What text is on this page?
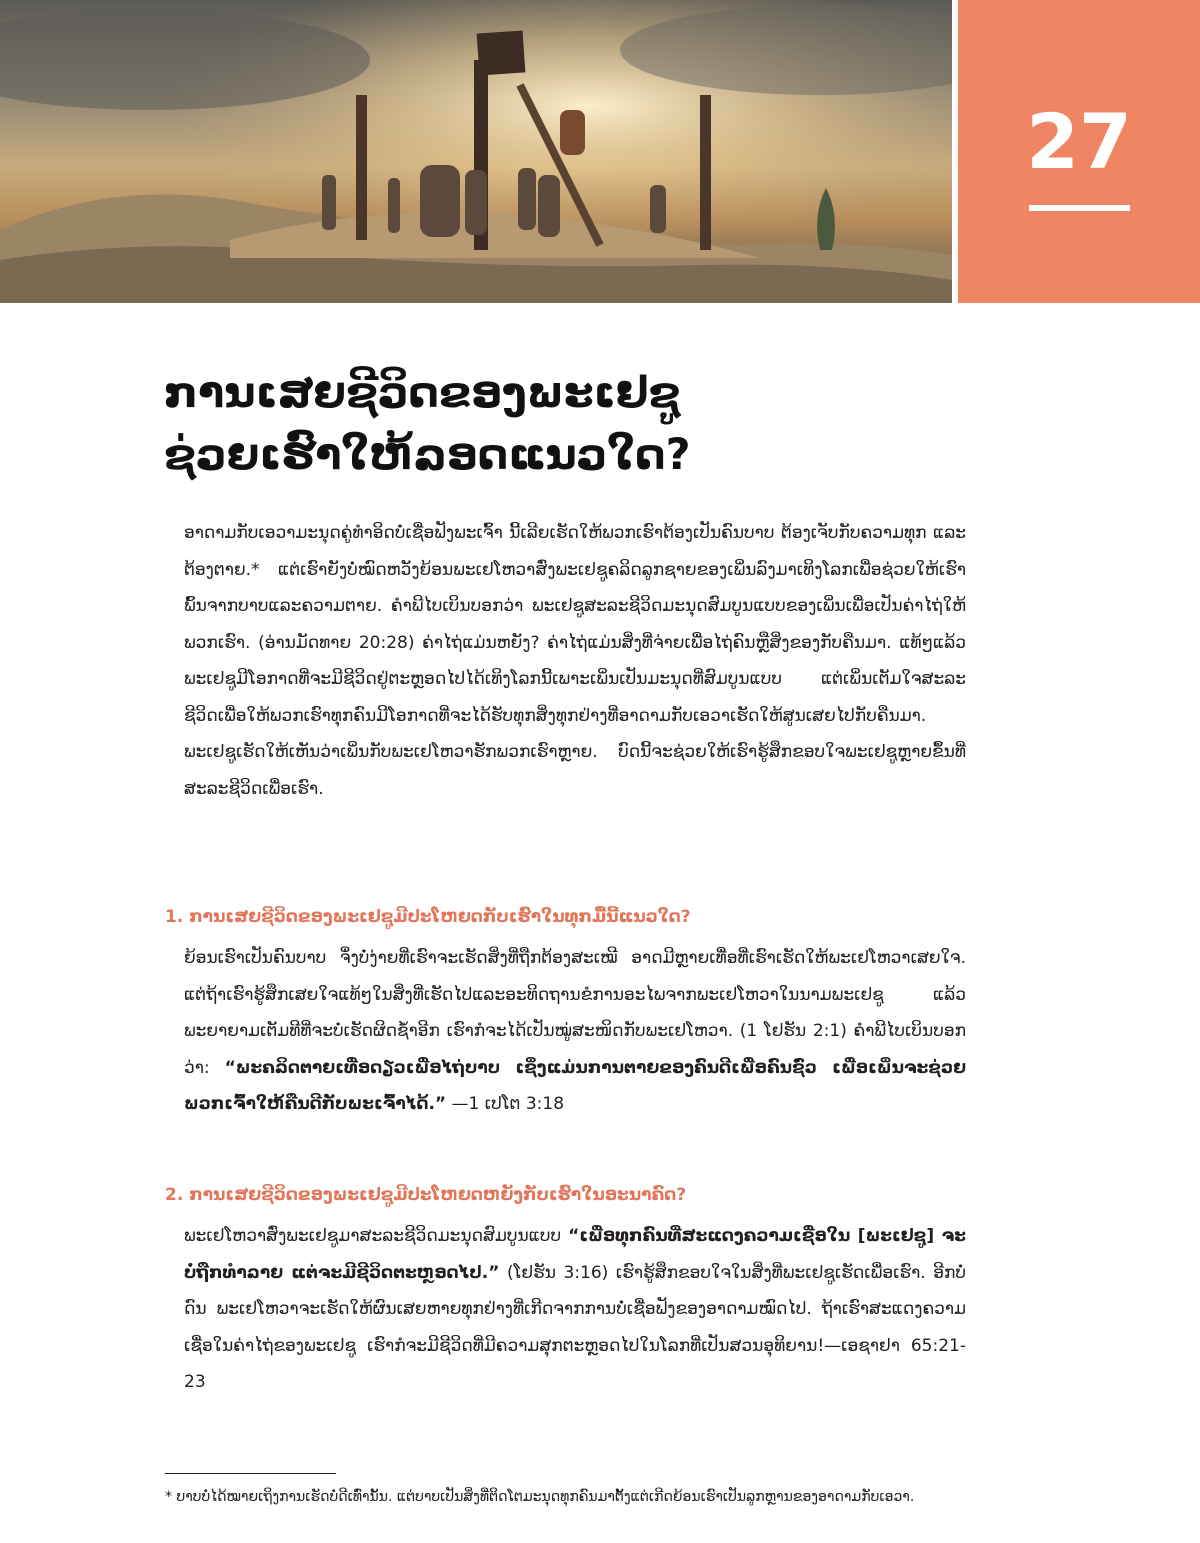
27
ການເສຍຊີວິດຂອງພະເຢຊູ
ຊ່ວຍເຮົາໃຫ້ລອດແນວໃດ?

ອາດາມກັບເອວາມະນຸດຄູ່ທຳອິດບໍ່ເຊື່ອຟັງພະເຈົ້າ ນີ້ເລີຍເຮັດໃຫ້ພວກເຮົາຕ້ອງເປັນຄົນບາບ ຕ້ອງເຈັບກັບຄວາມທຸກ ແລະຕ້ອງຕາຍ.* ແຕ່ເຮົາຍັງບໍ່ໝົດຫວັງຍ້ອນພະເຢໂຫວາສົ່ງພະເຢຊູຄລິດລູກຊາຍຂອງເພິ່ນລົງມາເທິງໂລກເພື່ອຊ່ວຍໃຫ້ເຮົາພົ້ນຈາກບາບແລະຄວາມຕາຍ. ຄຳພີໄບເບິນບອກວ່າ ພະເຢຊູສະລະຊີວິດມະນຸດສົມບູນແບບຂອງເພິ່ນເພື່ອເປັນຄ່າໄຖ່ໃຫ້ພວກເຮົາ. (ອ່ານມັດທາຍ 20:28) ຄ່າໄຖ່ແມ່ນຫຍັງ? ຄ່າໄຖ່ແມ່ນສິ່ງທີ່ຈ່າຍເພື່ອໄຖ່ຄົນຫຼືສິ່ງຂອງກັບຄືນມາ. ແທ້ໆແລ້ວພະເຢຊູມີໂອກາດທີ່ຈະມີຊີວິດຢູ່ຕະຫຼອດໄປໄດ້ເທິງໂລກນີ້ເພາະເພິ່ນເປັນມະນຸດທີ່ສົມບູນແບບ ແຕ່ເພິ່ນເຕັມໃຈສະລະຊີວິດເພື່ອໃຫ້ພວກເຮົາທຸກຄົນມີໂອກາດທີ່ຈະໄດ້ຮັບທຸກສິ່ງທຸກຢ່າງທີ່ອາດາມກັບເອວາເຮັດໃຫ້ສູນເສຍໄປກັບຄືນມາ. ພະເຢຊູເຮັດໃຫ້ເຫັນວ່າເພິ່ນກັບພະເຢໂຫວາຮັກພວກເຮົາຫຼາຍ. ບົດນີ້ຈະຊ່ວຍໃຫ້ເຮົາຮູ້ສຶກຂອບໃຈພະເຢຊູຫຼາຍຂຶ້ນທີ່ສະລະຊີວິດເພື່ອເຮົາ.

1. ການເສຍຊີວິດຂອງພະເຢຊູມີປະໂຫຍດກັບເຮົາໃນທຸກມື້ນີ້ແນວໃດ?
ຍ້ອນເຮົາເປັນຄົນບາບ ຈຶ່ງບໍ່ງ່າຍທີ່ເຮົາຈະເຮັດສິ່ງທີ່ຖືກຕ້ອງສະເໝີ ອາດມີຫຼາຍເທື່ອທີ່ເຮົາເຮັດໃຫ້ພະເຢໂຫວາເສຍໃຈ. ແຕ່ຖ້າເຮົາຮູ້ສຶກເສຍໃຈແທ້ໆໃນສິ່ງທີ່ເຮັດໄປແລະອະທິດຖານຂໍການອະໄພຈາກພະເຢໂຫວາໃນນາມພະເຢຊູ ແລ້ວພະຍາຍາມເຕັມທີທີ່ຈະບໍ່ເຮັດຜິດຊ້ຳອີກ ເຮົາກໍຈະໄດ້ເປັນໝູ່ສະໜິດກັບພະເຢໂຫວາ. (1 ໂຢຮັນ 2:1) ຄຳພີໄບເບິນບອກວ່າ: “ພະຄລິດຕາຍເທື່ອດຽວເພື່ອໄຖ່ບາບ ເຊິ່ງແມ່ນການຕາຍຂອງຄົນດີເພື່ອຄົນຊົ່ວ ເພື່ອເພິ່ນຈະຊ່ວຍພວກເຈົ້າໃຫ້ຄືນດີກັບພະເຈົ້າໄດ້.” —1 ເປໂຕ 3:18
2. ການເສຍຊີວິດຂອງພະເຢຊູມີປະໂຫຍດຫຍັງກັບເຮົາໃນອະນາຄົດ?
ພະເຢໂຫວາສົ່ງພະເຢຊູມາສະລະຊີວິດມະນຸດສົມບູນແບບ “ເພື່ອທຸກຄົນທີ່ສະແດງຄວາມເຊື່ອໃນ [ພະເຢຊູ] ຈະບໍ່ຖືກທຳລາຍ ແຕ່ຈະມີຊີວິດຕະຫຼອດໄປ.” (ໂຢຮັນ 3:16) ເຮົາຮູ້ສຶກຂອບໃຈໃນສິ່ງທີ່ພະເຢຊູເຮັດເພື່ອເຮົາ. ອີກບໍ່ດົນ ພະເຢໂຫວາຈະເຮັດໃຫ້ຜົນເສຍຫາຍທຸກຢ່າງທີ່ເກີດຈາກການບໍ່ເຊື່ອຟັງຂອງອາດາມໝົດໄປ. ຖ້າເຮົາສະແດງຄວາມເຊື່ອໃນຄ່າໄຖ່ຂອງພະເຢຊູ ເຮົາກໍຈະມີຊີວິດທີ່ມີຄວາມສຸກຕະຫຼອດໄປໃນໂລກທີ່ເປັນສວນອຸທິຍານ!—ເອຊາຢາ 65:21-23
* ບາບບໍ່ໄດ້ໝາຍເຖິງການເຮັດບໍ່ດີເທົ່ານັ້ນ. ແຕ່ບາບເປັນສິ່ງທີ່ຕິດໂຕມະນຸດທຸກຄົນມາຕັ້ງແຕ່ເກີດຍ້ອນເຮົາເປັນລູກຫຼານຂອງອາດາມກັບເອວາ.
